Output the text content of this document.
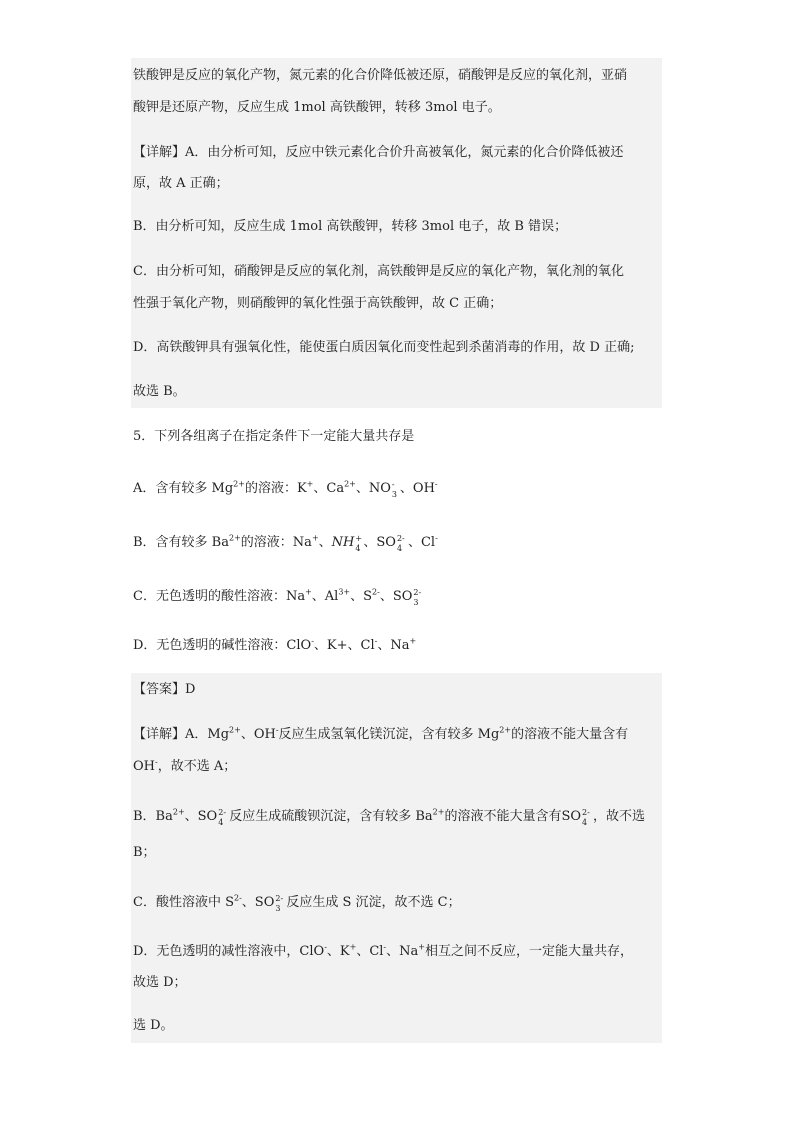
铁酸钾是反应的氧化产物，氮元素的化合价降低被还原，硝酸钾是反应的氧化剂，亚硝
酸钾是还原产物，反应生成 1mol 高铁酸钾，转移 3mol 电子。
【详解】A．由分析可知，反应中铁元素化合价升高被氧化，氮元素的化合价降低被还
原，故 A 正确；
B．由分析可知，反应生成 1mol 高铁酸钾，转移 3mol 电子，故 B 错误；
C．由分析可知，硝酸钾是反应的氧化剂，高铁酸钾是反应的氧化产物，氧化剂的氧化
性强于氧化产物，则硝酸钾的氧化性强于高铁酸钾，故 C 正确；
D．高铁酸钾具有强氧化性，能使蛋白质因氧化而变性起到杀菌消毒的作用，故 D 正确;
故选 B。
5．下列各组离子在指定条件下一定能大量共存是
A．含有较多 $Mg^{2+}$的溶液：K+、$Ca^{2+}$、NO -
3 、OH-
B．含有较多 $Ba^{2+}$的溶液：Na+、NH +
4 、SO 2-
4 、Cl-
C．无色透明的酸性溶液：Na+、$Al^{3+}$、$S^{2-}$、SO 2-
3
D．无色透明的碱性溶液：ClO-、K+、Cl-、Na+
【答案】D
【详解】A．$Mg^{2+}$、OH-反应生成氢氧化镁沉淀，含有较多 $Mg^{2+}$的溶液不能大量含有
OH-，故不选 A；
B．$Ba^{2+}$、SO 2-
4 反应生成硫酸钡沉淀，含有较多 $Ba^{2+}$的溶液不能大量含有SO 2-
4 ，故不选
B；
C．酸性溶液中 $S^{2-}$、SO 2-
3 反应生成 S 沉淀，故不选 C；
D．无色透明的减性溶液中，ClO-、K+、Cl-、Na+相互之间不反应，一定能大量共存，
故选 D；
选 D。
